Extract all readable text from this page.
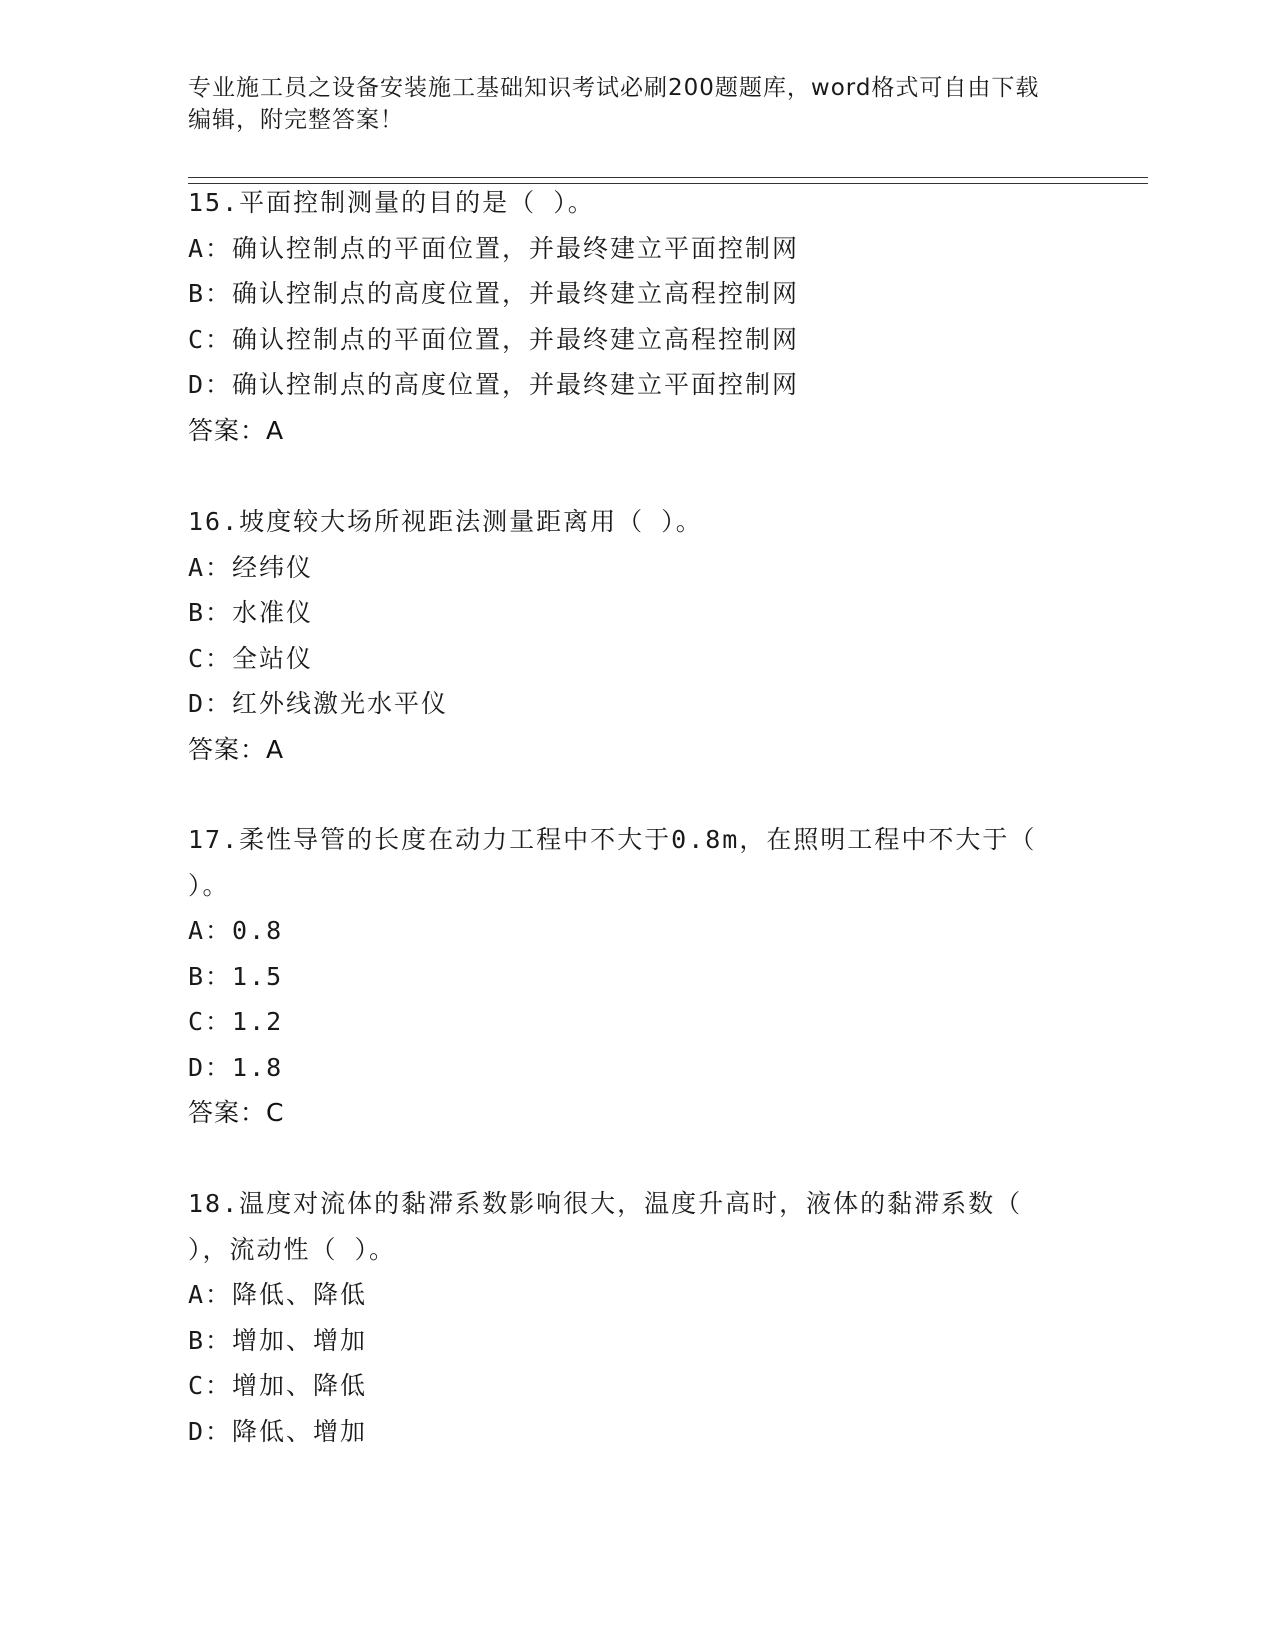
专业施工员之设备安装施工基础知识考试必刷200题题库，word格式可自由下载
编辑，附完整答案！
15.平面控制测量的目的是（ ）。
A：确认控制点的平面位置，并最终建立平面控制网
B：确认控制点的高度位置，并最终建立高程控制网
C：确认控制点的平面位置，并最终建立高程控制网
D：确认控制点的高度位置，并最终建立平面控制网
答案：A
16.坡度较大场所视距法测量距离用（ ）。
A：经纬仪
B：水准仪
C：全站仪
D：红外线激光水平仪
答案：A
17.柔性导管的长度在动力工程中不大于0.8m，在照明工程中不大于（
）。
A：0.8
B：1.5
C：1.2
D：1.8
答案：C
18.温度对流体的黏滞系数影响很大，温度升高时，液体的黏滞系数（
），流动性（ ）。
A：降低、降低
B：增加、增加
C：增加、降低
D：降低、增加
